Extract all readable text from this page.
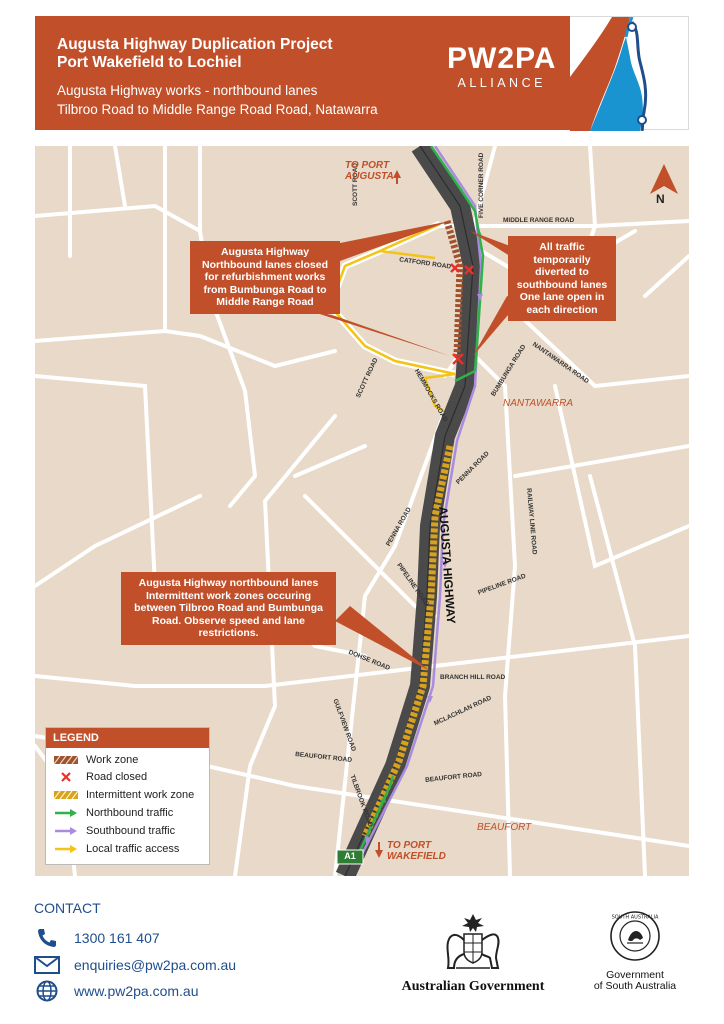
Augusta Highway Duplication Project
Port Wakefield to Lochiel
Augusta Highway works - northbound lanes
Tilbroo Road to Middle Range Road Road, Natawarra
PW2PA
ALLIANCE
SCOTT ROAD	FIVE CORNER ROAD
MIDDLE RANGE ROAD
CATFORD ROAD
SCOTT ROAD	HEMMOCKS ROAD	BUMBUNGA ROAD NANTAWARRA ROAD
PENNA ROAD
RAILWAY LINE ROAD
PENNA ROAD
PIPELINE ROAD	PIPELINE ROAD
DOHSE ROAD
BRANCH HILL ROAD
MCLACHLAN ROAD
GULFVIEW ROAD
BEAUFORT ROAD
TILBROOK ROAD	BEAUFORT ROAD
NANTAWARRA
BEAUFORT
TO PORT AUGUSTA
TO PORT WAKEFIELD
N
AUGUSTA HIGHWAY
A1
Augusta Highway Northbound lanes closed for refurbishment works from Bumbunga Road to Middle Range Road
All traffic temporarily diverted to southbound lanes One lane open in each direction
Augusta Highway northbound lanes Intermittent work zones occuring between Tilbroo Road and Bumbunga Road. Observe speed and lane restrictions.
LEGEND
Work zone
Road closed
Intermittent work zone
Northbound traffic
Southbound traffic
Local traffic access
CONTACT
1300 161 407
enquiries@pw2pa.com.au
www.pw2pa.com.au	Australian Government
SOUTH AUSTRALIA
Government
of South Australia
